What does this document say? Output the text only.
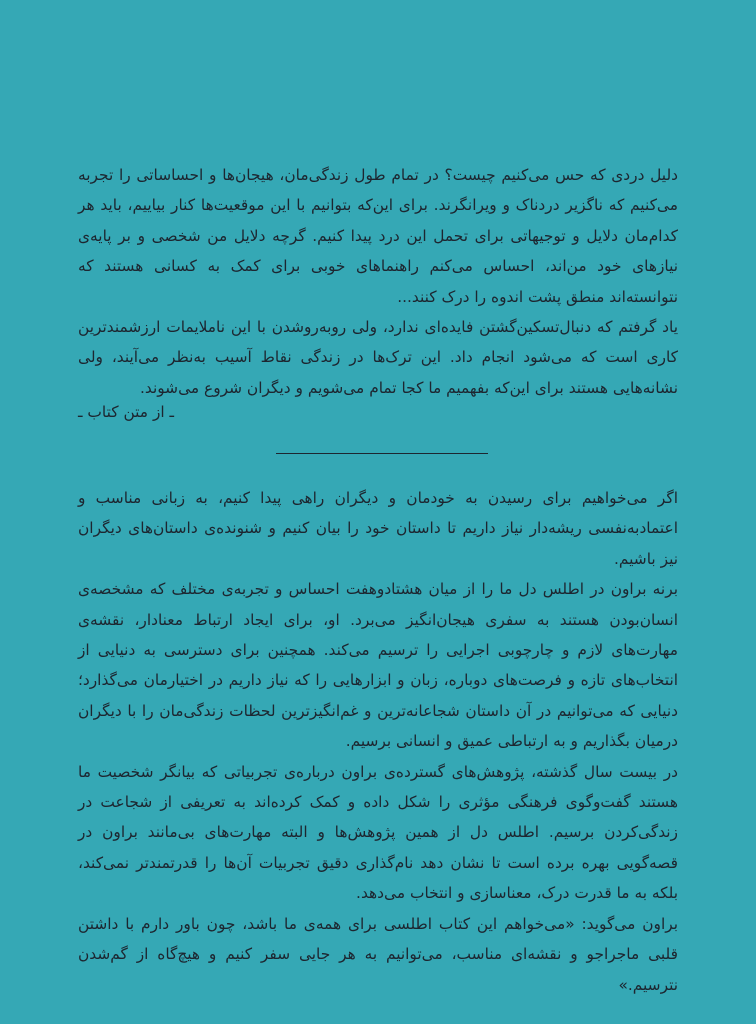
دلیل دردی که حس می‌کنیم چیست؟ در تمام طول زندگی‌مان، هیجان‌ها و احساساتی را تجربه می‌کنیم که ناگزیر دردناک و ویرانگرند. برای این‌که بتوانیم با این موقعیت‌ها کنار بیاییم، باید هر کدام‌مان دلایل و توجیهاتی برای تحمل این درد پیدا کنیم. گرچه دلایل من شخصی و بر پایه‌ی نیازهای خود من‌اند، احساس می‌کنم راهنماهای خوبی برای کمک به کسانی هستند که نتوانسته‌اند منطق پشت اندوه را درک کنند...

یاد گرفتم که دنبال‌تسکین‌گشتن فایده‌ای ندارد، ولی روبه‌روشدن با این ناملایمات ارزشمندترین کاری است که می‌شود انجام داد. این ترک‌ها در زندگی نقاط آسیب به‌نظر می‌آیند، ولی نشانه‌هایی هستند برای این‌که بفهمیم ما کجا تمام می‌شویم و دیگران شروع می‌شوند.

ـ از متن کتاب ـ

اگر می‌خواهیم برای رسیدن به خودمان و دیگران راهی پیدا کنیم، به زبانی مناسب و اعتمادبه‌نفسی ریشه‌دار نیاز داریم تا داستان خود را بیان کنیم و شنونده‌ی داستان‌های دیگران نیز باشیم.

برنه براون در اطلس دل ما را از میان هشتادوهفت احساس و تجربه‌ی مختلف که مشخصه‌ی انسان‌بودن هستند به سفری هیجان‌انگیز می‌برد. او، برای ایجاد ارتباط معنادار، نقشه‌ی مهارت‌های لازم و چارچوبی اجرایی را ترسیم می‌کند. همچنین برای دسترسی به دنیایی از انتخاب‌های تازه و فرصت‌های دوباره، زبان و ابزارهایی را که نیاز داریم در اختیارمان می‌گذارد؛ دنیایی که می‌توانیم در آن داستان شجاعانه‌ترین و غم‌انگیزترین لحظات زندگی‌مان را با دیگران درمیان بگذاریم و به ارتباطی عمیق و انسانی برسیم.

در بیست سال گذشته، پژوهش‌های گسترده‌ی براون درباره‌ی تجربیاتی که بیانگر شخصیت ما هستند گفت‌وگوی فرهنگی مؤثری را شکل داده و کمک کرده‌اند به تعریفی از شجاعت در زندگی‌کردن برسیم. اطلس دل از همین پژوهش‌ها و البته مهارت‌های بی‌مانند براون در قصه‌گویی بهره برده است تا نشان دهد نام‌گذاری دقیق تجربیات آن‌ها را قدرتمندتر نمی‌کند، بلکه به ما قدرت درک، معناسازی و انتخاب می‌دهد.

براون می‌گوید: «می‌خواهم این کتاب اطلسی برای همه‌ی ما باشد، چون باور دارم با داشتن قلبی ماجراجو و نقشه‌ای مناسب، می‌توانیم به هر جایی سفر کنیم و هیچ‌گاه از گم‌شدن نترسیم.»
